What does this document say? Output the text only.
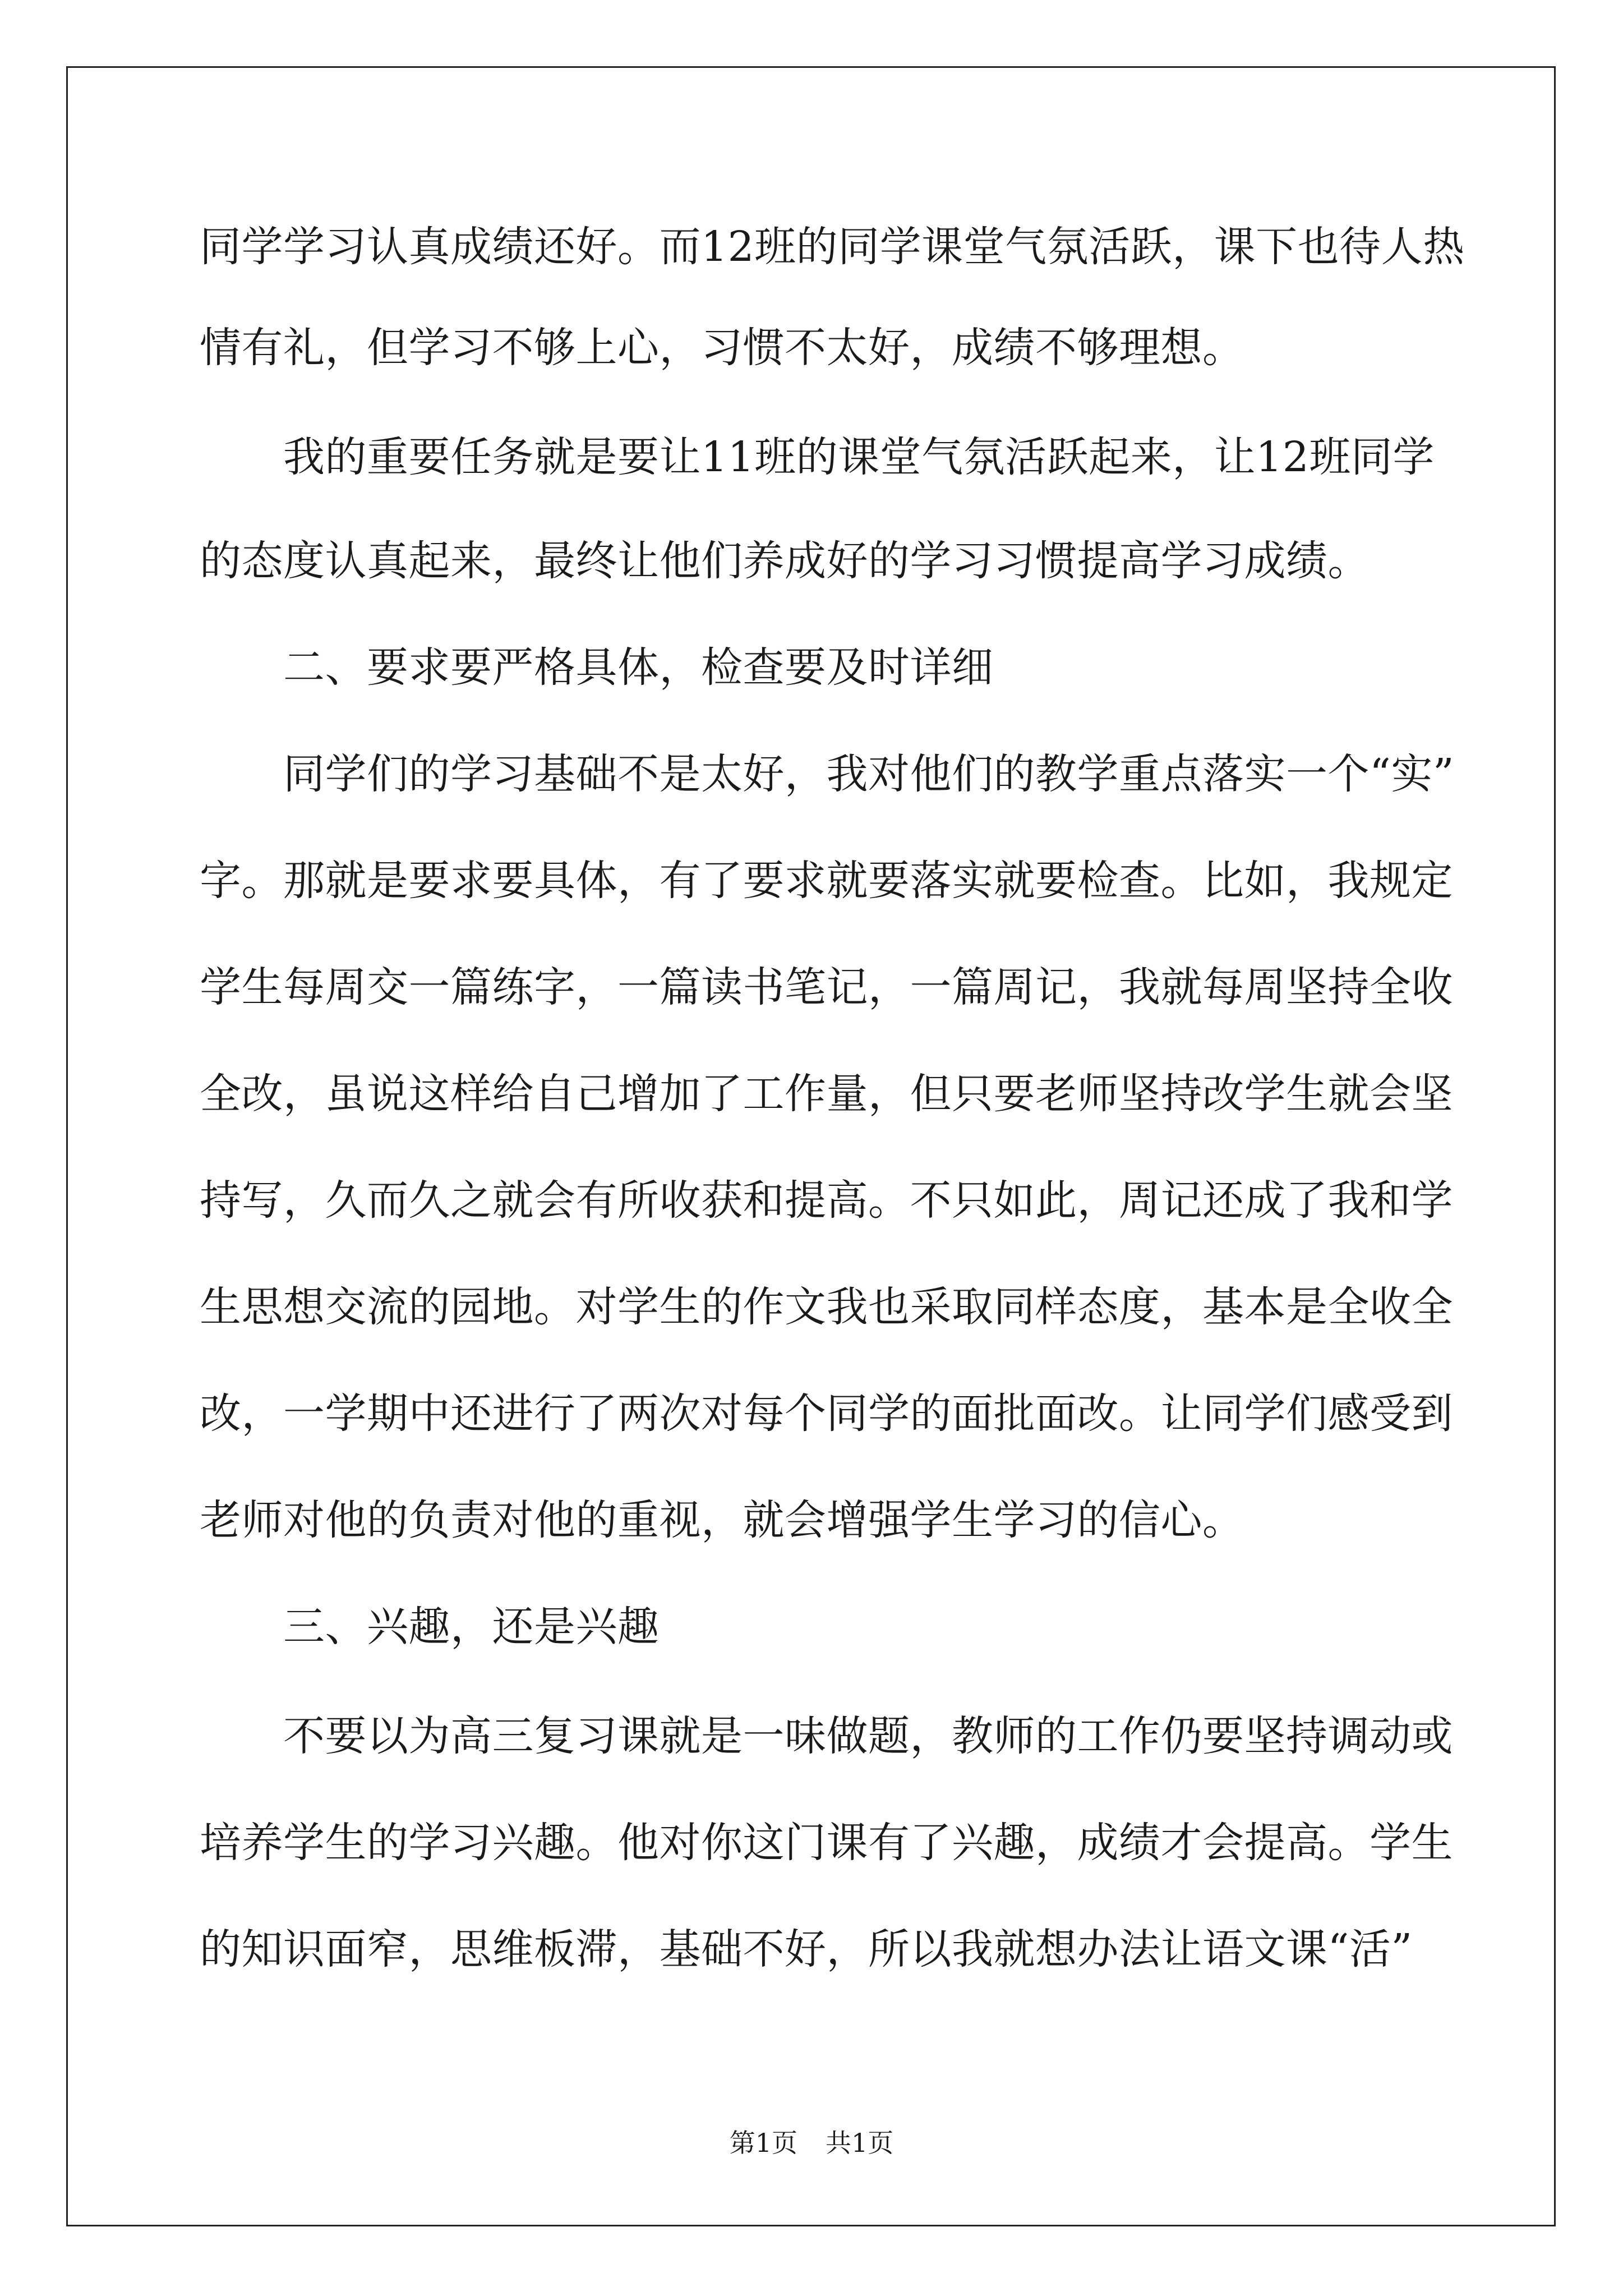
同学学习认真成绩还好。而12班的同学课堂气氛活跃，课下也待人热
情有礼，但学习不够上心，习惯不太好，成绩不够理想。
　　我的重要任务就是要让11班的课堂气氛活跃起来，让12班同学
的态度认真起来，最终让他们养成好的学习习惯提高学习成绩。
　　二、要求要严格具体，检查要及时详细
　　同学们的学习基础不是太好，我对他们的教学重点落实一个“实”
字。那就是要求要具体，有了要求就要落实就要检查。比如，我规定
学生每周交一篇练字，一篇读书笔记，一篇周记，我就每周坚持全收
全改，虽说这样给自己增加了工作量，但只要老师坚持改学生就会坚
持写，久而久之就会有所收获和提高。不只如此，周记还成了我和学
生思想交流的园地。对学生的作文我也采取同样态度，基本是全收全
改，一学期中还进行了两次对每个同学的面批面改。让同学们感受到
老师对他的负责对他的重视，就会增强学生学习的信心。
　　三、兴趣，还是兴趣
　　不要以为高三复习课就是一味做题，教师的工作仍要坚持调动或
培养学生的学习兴趣。他对你这门课有了兴趣，成绩才会提高。学生
的知识面窄，思维板滞，基础不好，所以我就想办法让语文课“活”
第1页 共1页
